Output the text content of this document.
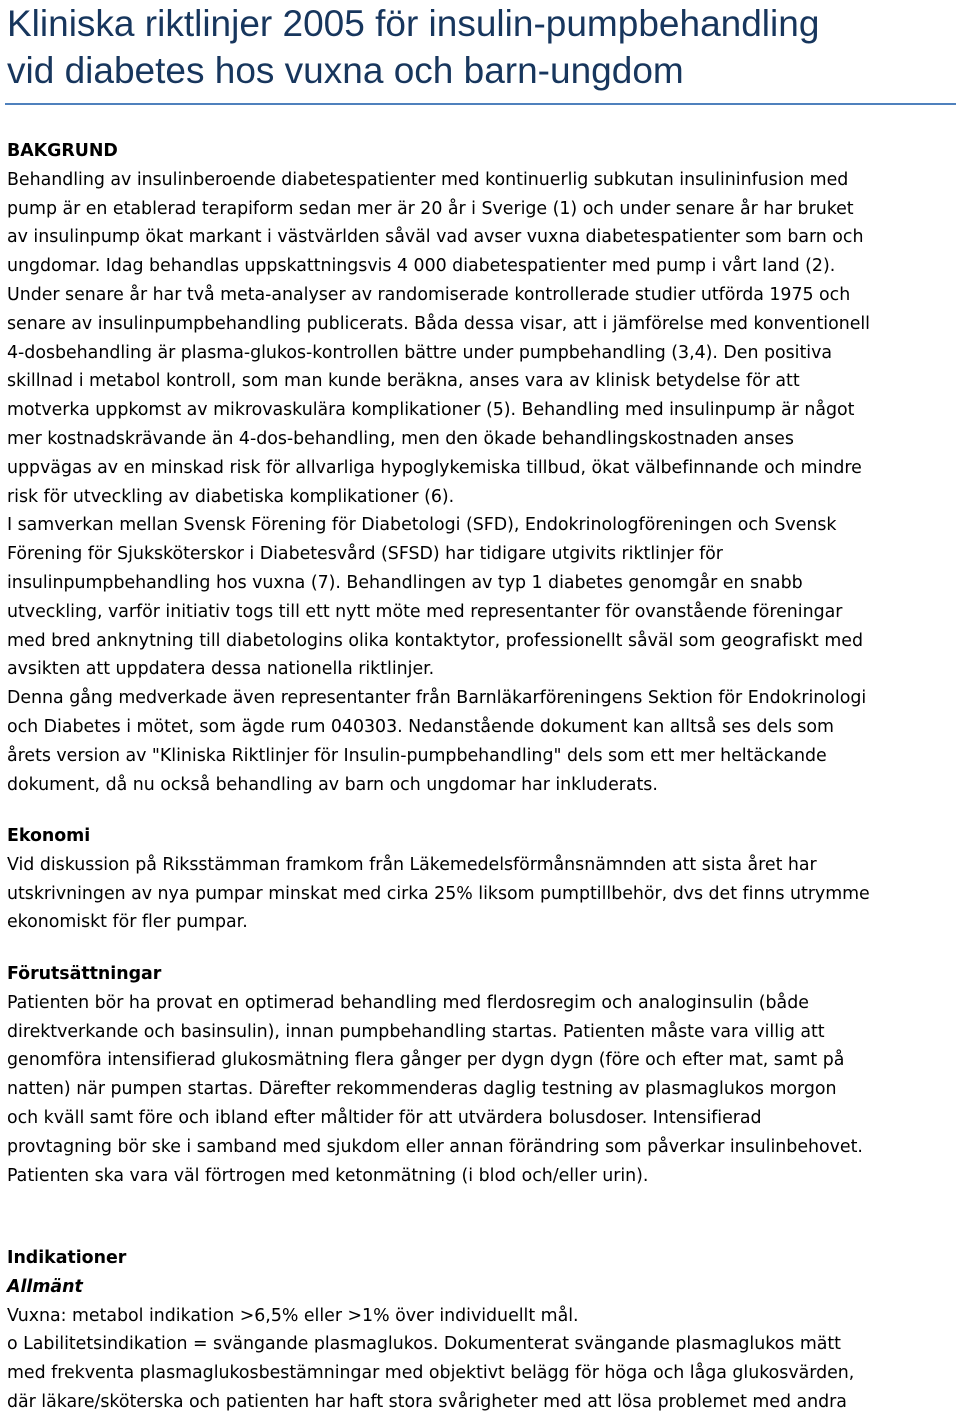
Kliniska riktlinjer 2005 för insulin-pumpbehandling
vid diabetes hos vuxna och barn-ungdom
BAKGRUND
Behandling av insulinberoende diabetespatienter med kontinuerlig subkutan insulininfusion med
pump är en etablerad terapiform sedan mer är 20 år i Sverige (1) och under senare år har bruket
av insulinpump ökat markant i västvärlden såväl vad avser vuxna diabetespatienter som barn och
ungdomar. Idag behandlas uppskattningsvis 4 000 diabetespatienter med pump i vårt land (2).
Under senare år har två meta-analyser av randomiserade kontrollerade studier utförda 1975 och
senare av insulinpumpbehandling publicerats. Båda dessa visar, att i jämförelse med konventionell
4-dosbehandling är plasma-glukos-kontrollen bättre under pumpbehandling (3,4). Den positiva
skillnad i metabol kontroll, som man kunde beräkna, anses vara av klinisk betydelse för att
motverka uppkomst av mikrovaskulära komplikationer (5). Behandling med insulinpump är något
mer kostnadskrävande än 4-dos-behandling, men den ökade behandlingskostnaden anses
uppvägas av en minskad risk för allvarliga hypoglykemiska tillbud, ökat välbefinnande och mindre
risk för utveckling av diabetiska komplikationer (6).
I samverkan mellan Svensk Förening för Diabetologi (SFD), Endokrinologföreningen och Svensk
Förening för Sjuksköterskor i Diabetesvård (SFSD) har tidigare utgivits riktlinjer för
insulinpumpbehandling hos vuxna (7). Behandlingen av typ 1 diabetes genomgår en snabb
utveckling, varför initiativ togs till ett nytt möte med representanter för ovanstående föreningar
med bred anknytning till diabetologins olika kontaktytor, professionellt såväl som geografiskt med
avsikten att uppdatera dessa nationella riktlinjer.
Denna gång medverkade även representanter från Barnläkarföreningens Sektion för Endokrinologi
och Diabetes i mötet, som ägde rum 040303. Nedanstående dokument kan alltså ses dels som
årets version av "Kliniska Riktlinjer för Insulin-pumpbehandling" dels som ett mer heltäckande
dokument, då nu också behandling av barn och ungdomar har inkluderats.
Ekonomi
Vid diskussion på Riksstämman framkom från Läkemedelsförmånsnämnden att sista året har
utskrivningen av nya pumpar minskat med cirka 25% liksom pumptillbehör, dvs det finns utrymme
ekonomiskt för fler pumpar.
Förutsättningar
Patienten bör ha provat en optimerad behandling med flerdosregim och analoginsulin (både
direktverkande och basinsulin), innan pumpbehandling startas. Patienten måste vara villig att
genomföra intensifierad glukosmätning flera gånger per dygn dygn (före och efter mat, samt på
natten) när pumpen startas. Därefter rekommenderas daglig testning av plasmaglukos morgon
och kväll samt före och ibland efter måltider för att utvärdera bolusdoser. Intensifierad
provtagning bör ske i samband med sjukdom eller annan förändring som påverkar insulinbehovet.
Patienten ska vara väl förtrogen med ketonmätning (i blod och/eller urin).
Indikationer
Allmänt
Vuxna: metabol indikation >6,5% eller >1% över individuellt mål.
o Labilitetsindikation = svängande plasmaglukos. Dokumenterat svängande plasmaglukos mätt
med frekventa plasmaglukosbestämningar med objektivt belägg för höga och låga glukosvärden,
där läkare/sköterska och patienten har haft stora svårigheter med att lösa problemet med andra
